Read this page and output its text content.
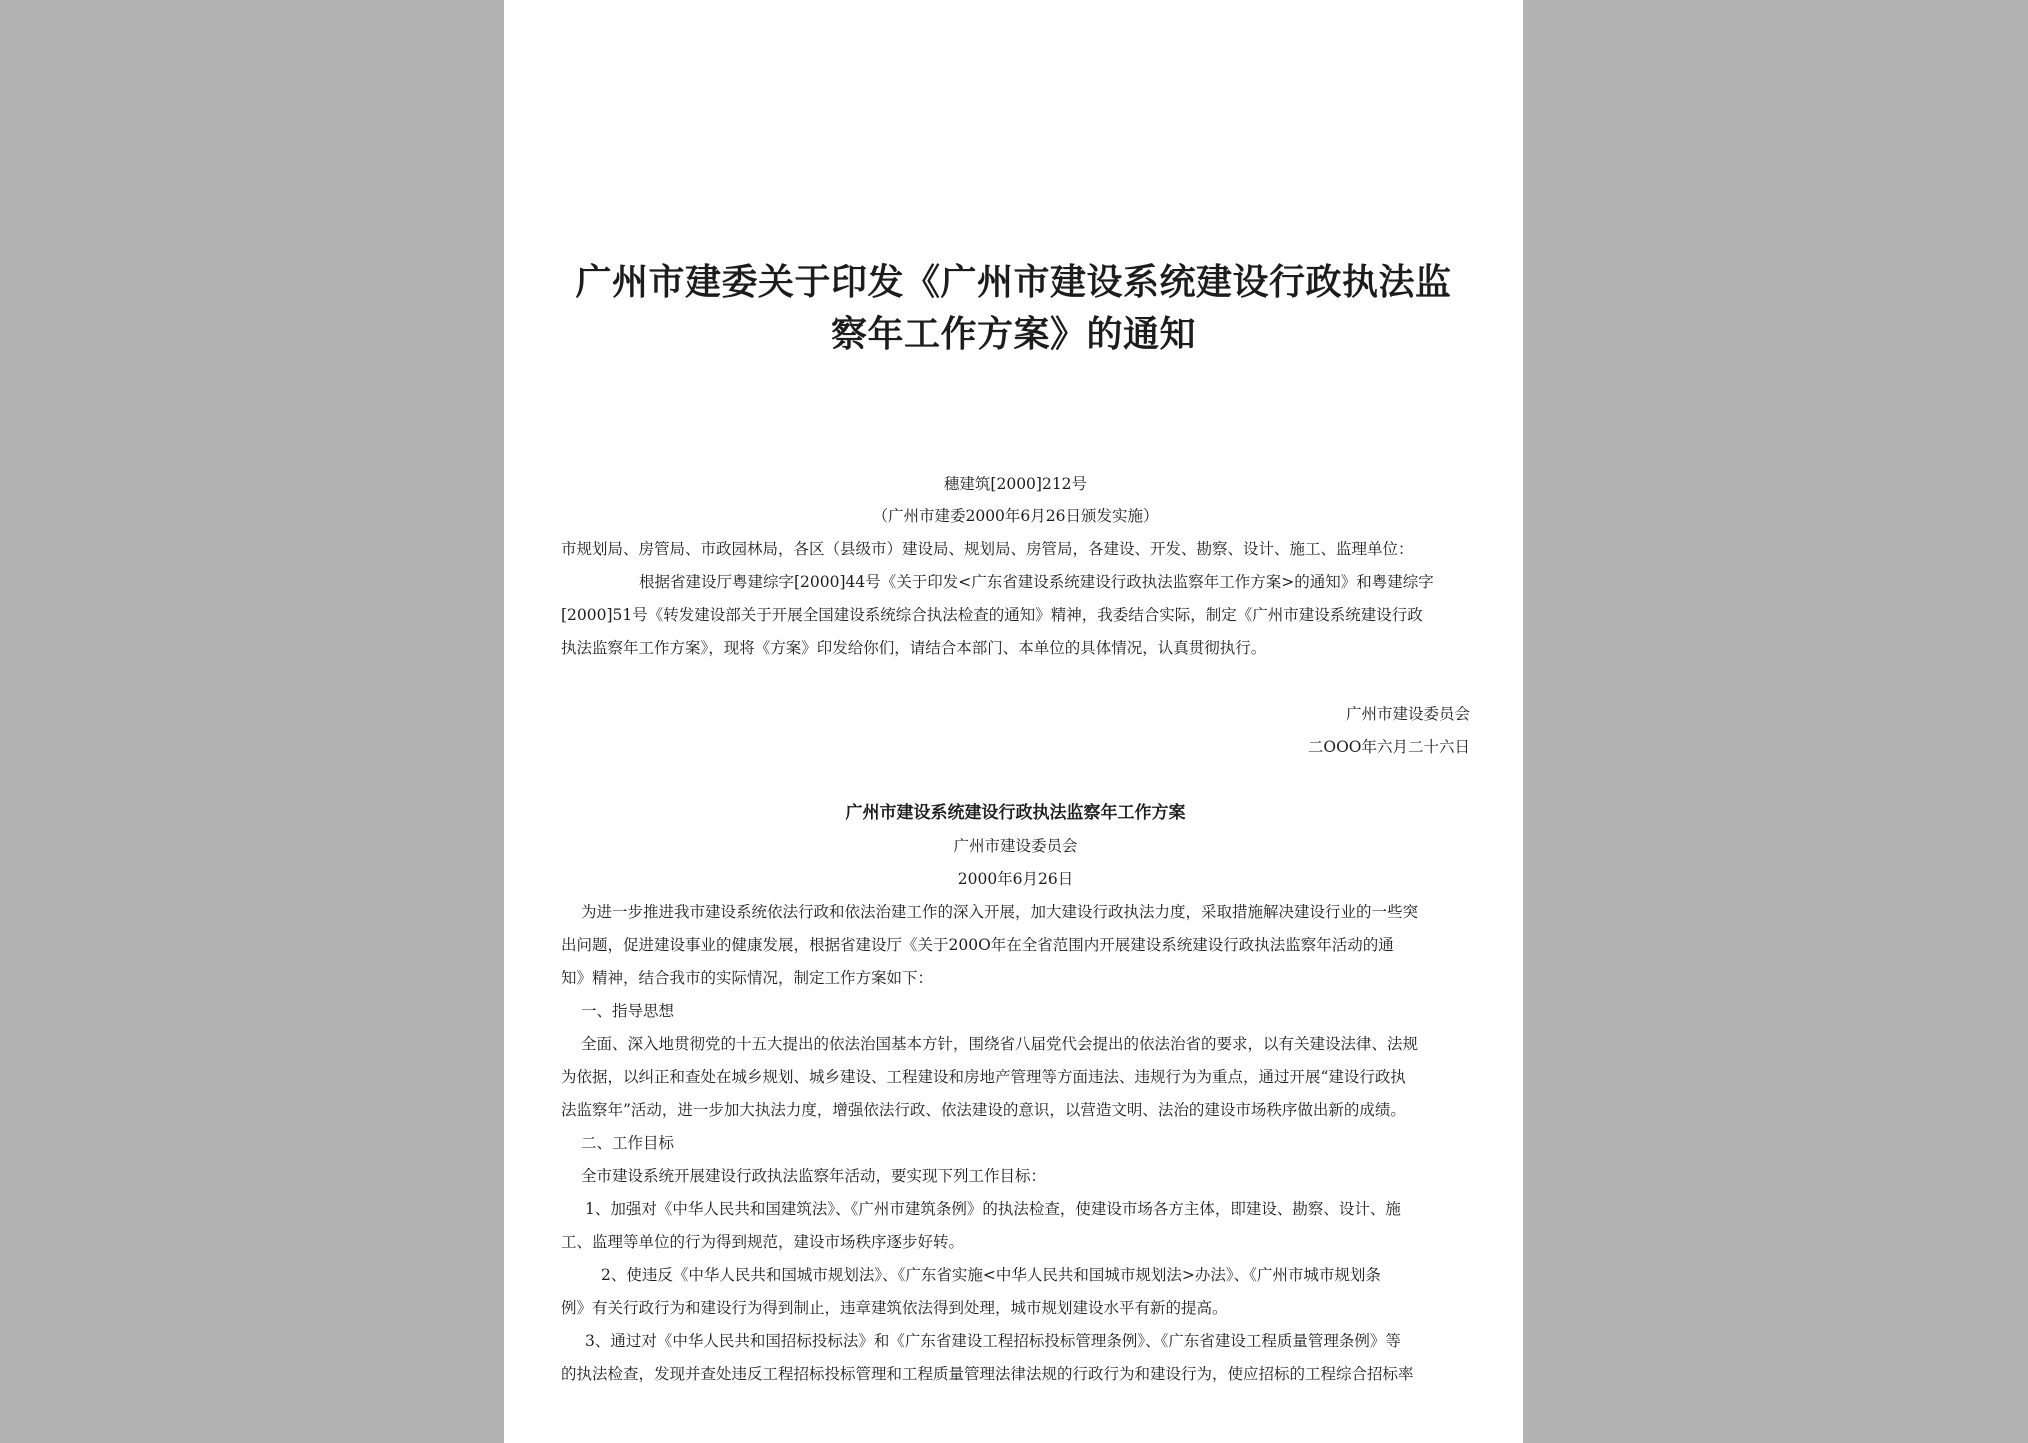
广州市建委关于印发《广州市建设系统建设行政执法监
察年工作方案》的通知
穗建筑[2000]212号
（广州市建委2000年6月26日颁发实施）
市规划局、房管局、市政园林局，各区（县级市）建设局、规划局、房管局，各建设、开发、勘察、设计、施工、监理单位：
根据省建设厅粤建综字[2000]44号《关于印发<广东省建设系统建设行政执法监察年工作方案>的通知》和粤建综字
[2000]51号《转发建设部关于开展全国建设系统综合执法检查的通知》精神，我委结合实际，制定《广州市建设系统建设行政
执法监察年工作方案》，现将《方案》印发给你们，请结合本部门、本单位的具体情况，认真贯彻执行。
广州市建设委员会
二OOO年六月二十六日
广州市建设系统建设行政执法监察年工作方案
广州市建设委员会
2000年6月26日
为进一步推进我市建设系统依法行政和依法治建工作的深入开展，加大建设行政执法力度，采取措施解决建设行业的一些突
出问题，促进建设事业的健康发展，根据省建设厅《关于200O年在全省范围内开展建设系统建设行政执法监察年活动的通
知》精神，结合我市的实际情况，制定工作方案如下：
一、指导思想
全面、深入地贯彻党的十五大提出的依法治国基本方针，围绕省八届党代会提出的依法治省的要求，以有关建设法律、法规
为依据，以纠正和查处在城乡规划、城乡建设、工程建设和房地产管理等方面违法、违规行为为重点，通过开展“建设行政执
法监察年”活动，进一步加大执法力度，增强依法行政、依法建设的意识，以营造文明、法治的建设市场秩序做出新的成绩。
二、工作目标
全市建设系统开展建设行政执法监察年活动，要实现下列工作目标：
1、加强对《中华人民共和国建筑法》、《广州市建筑条例》的执法检查，使建设市场各方主体，即建设、勘察、设计、施
工、监理等单位的行为得到规范，建设市场秩序逐步好转。
2、使违反《中华人民共和国城市规划法》、《广东省实施<中华人民共和国城市规划法>办法》、《广州市城市规划条
例》有关行政行为和建设行为得到制止，违章建筑依法得到处理，城市规划建设水平有新的提高。
3、通过对《中华人民共和国招标投标法》和《广东省建设工程招标投标管理条例》、《广东省建设工程质量管理条例》等
的执法检查，发现并查处违反工程招标投标管理和工程质量管理法律法规的行政行为和建设行为，使应招标的工程综合招标率
